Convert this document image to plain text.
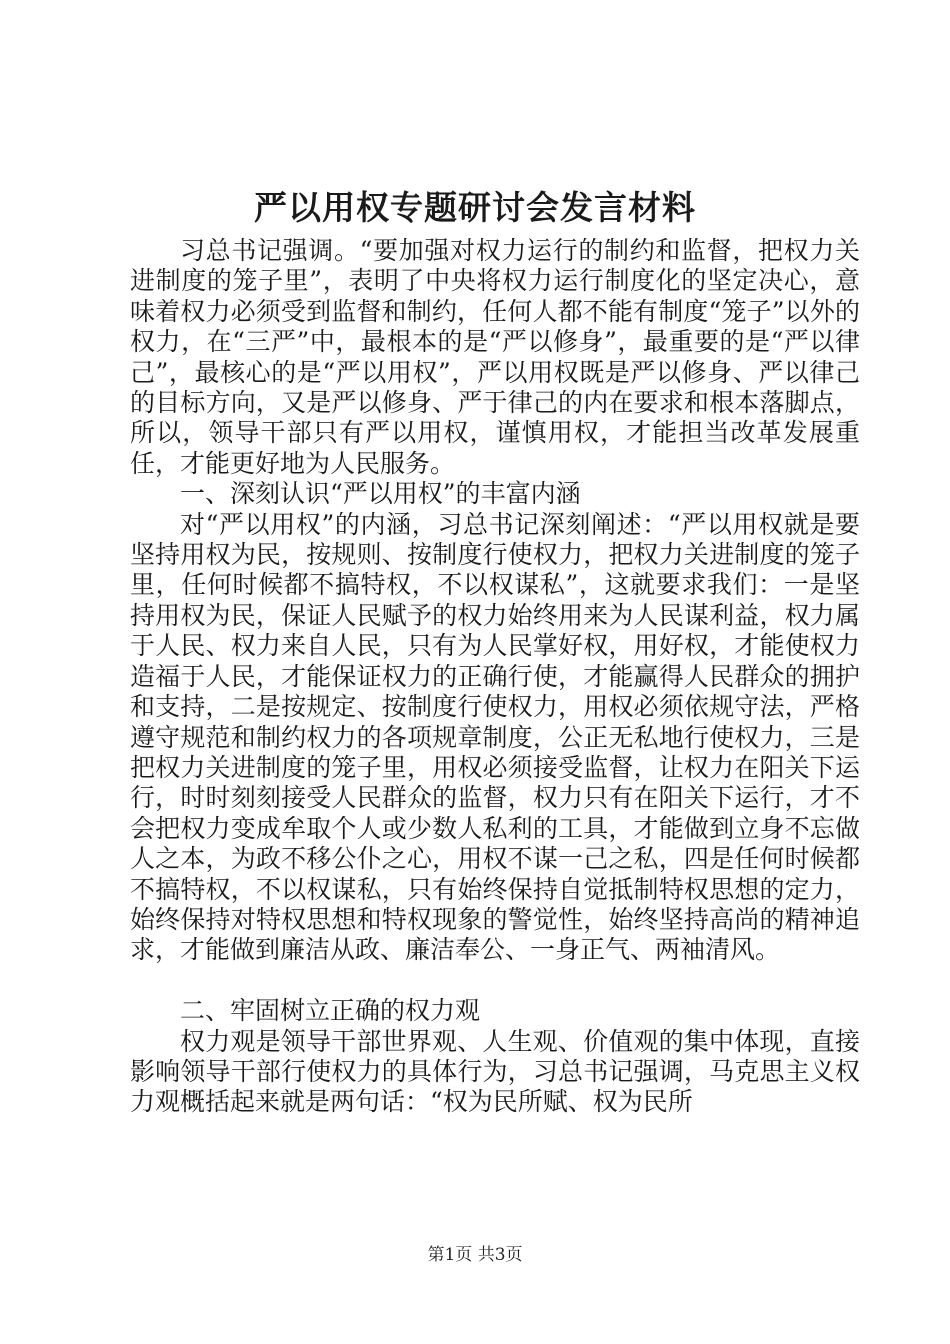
严以用权专题研讨会发言材料

习总书记强调。“要加强对权力运行的制约和监督，把权力关进制度的笼子里”，表明了中央将权力运行制度化的坚定决心，意味着权力必须受到监督和制约，任何人都不能有制度“笼子”以外的权力，在“三严”中，最根本的是“严以修身”，最重要的是“严以律己”，最核心的是“严以用权”，严以用权既是严以修身、严以律己的目标方向，又是严以修身、严于律己的内在要求和根本落脚点，所以，领导干部只有严以用权，谨慎用权，才能担当改革发展重任，才能更好地为人民服务。

一、深刻认识“严以用权”的丰富内涵

对“严以用权”的内涵，习总书记深刻阐述：“严以用权就是要坚持用权为民，按规则、按制度行使权力，把权力关进制度的笼子里，任何时候都不搞特权，不以权谋私”，这就要求我们：一是坚持用权为民，保证人民赋予的权力始终用来为人民谋利益，权力属于人民、权力来自人民，只有为人民掌好权，用好权，才能使权力造福于人民，才能保证权力的正确行使，才能赢得人民群众的拥护和支持，二是按规定、按制度行使权力，用权必须依规守法，严格遵守规范和制约权力的各项规章制度，公正无私地行使权力，三是把权力关进制度的笼子里，用权必须接受监督，让权力在阳关下运行，时时刻刻接受人民群众的监督，权力只有在阳关下运行，才不会把权力变成牟取个人或少数人私利的工具，才能做到立身不忘做人之本，为政不移公仆之心，用权不谋一己之私，四是任何时候都不搞特权，不以权谋私，只有始终保持自觉抵制特权思想的定力，始终保持对特权思想和特权现象的警觉性，始终坚持高尚的精神追求，才能做到廉洁从政、廉洁奉公、一身正气、两袖清风。

二、牢固树立正确的权力观

权力观是领导干部世界观、人生观、价值观的集中体现，直接影响领导干部行使权力的具体行为，习总书记强调，马克思主义权力观概括起来就是两句话：“权为民所赋、权为民所

第1页 共3页
